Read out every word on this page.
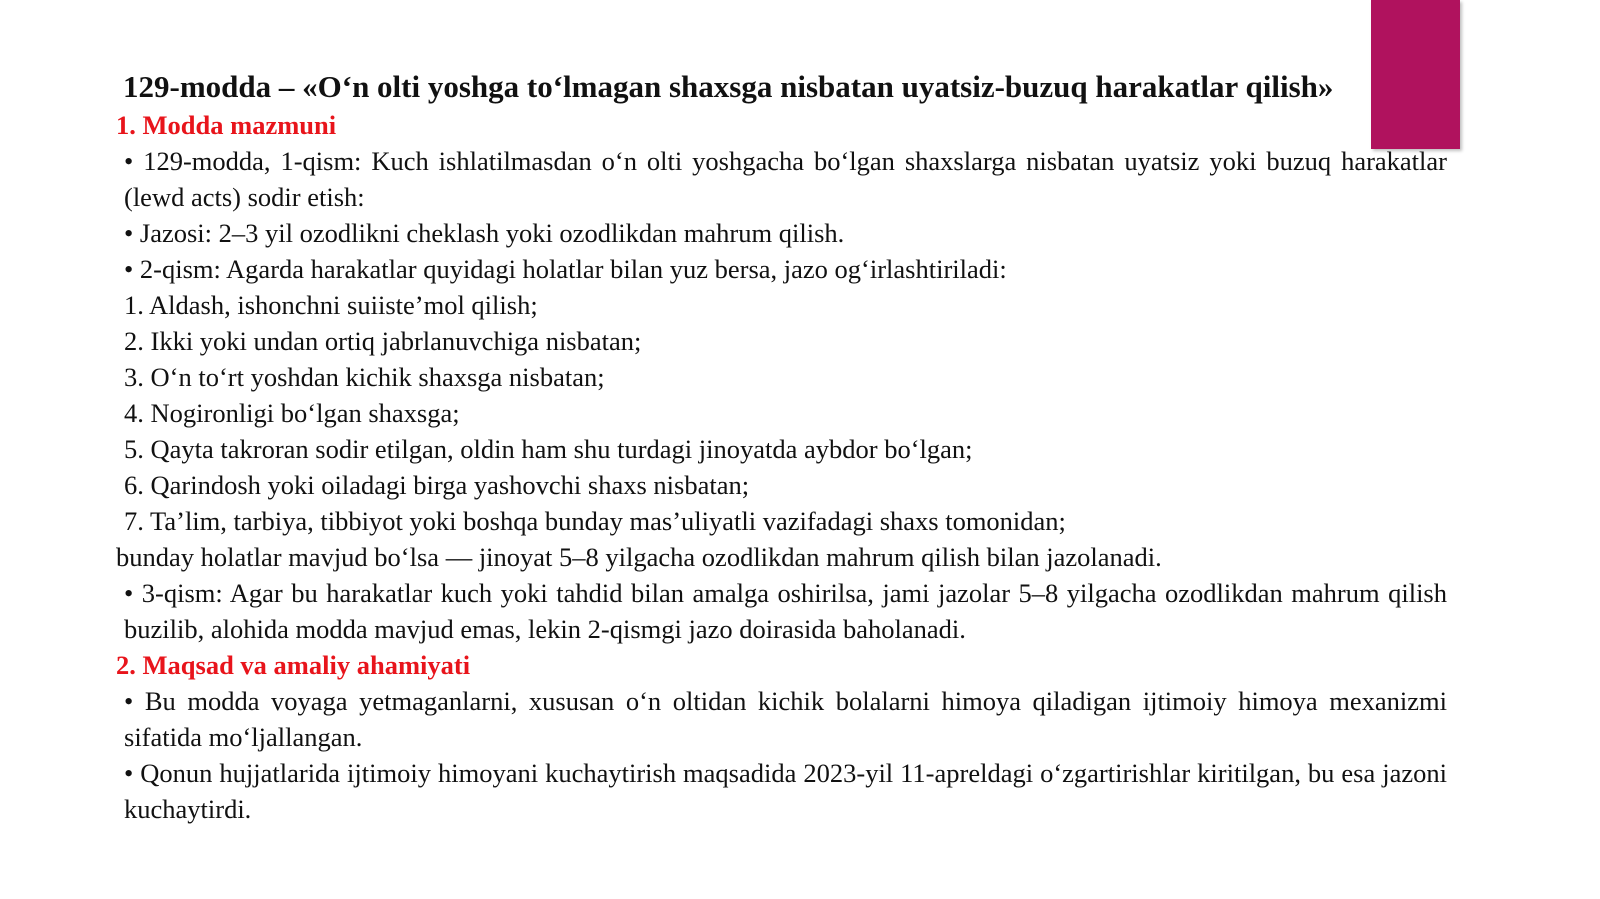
129-modda – «O‘n olti yoshga to‘lmagan shaxsga nisbatan uyatsiz-buzuq harakatlar qilish»

1. Modda mazmuni

• 129-modda, 1-qism: Kuch ishlatilmasdan o‘n olti yoshgacha bo‘lgan shaxslarga nisbatan uyatsiz yoki buzuq harakatlar (lewd acts) sodir etish:

• Jazosi: 2–3 yil ozodlikni cheklash yoki ozodlikdan mahrum qilish.

• 2-qism: Agarda harakatlar quyidagi holatlar bilan yuz bersa, jazo og‘irlashtiriladi:

1. Aldash, ishonchni suiiste’mol qilish;

2. Ikki yoki undan ortiq jabrlanuvchiga nisbatan;

3. O‘n to‘rt yoshdan kichik shaxsga nisbatan;

4. Nogironligi bo‘lgan shaxsga;

5. Qayta takroran sodir etilgan, oldin ham shu turdagi jinoyatda aybdor bo‘lgan;

6. Qarindosh yoki oiladagi birga yashovchi shaxs nisbatan;

7. Ta’lim, tarbiya, tibbiyot yoki boshqa bunday mas’uliyatli vazifadagi shaxs tomonidan;

bunday holatlar mavjud bo‘lsa — jinoyat 5–8 yilgacha ozodlikdan mahrum qilish bilan jazolanadi.

• 3-qism: Agar bu harakatlar kuch yoki tahdid bilan amalga oshirilsa, jami jazolar 5–8 yilgacha ozodlikdan mahrum qilish buzilib, alohida modda mavjud emas, lekin 2-qismgi jazo doirasida baholanadi.

2. Maqsad va amaliy ahamiyati

• Bu modda voyaga yetmaganlarni, xususan o‘n oltidan kichik bolalarni himoya qiladigan ijtimoiy himoya mexanizmi sifatida mo‘ljallangan.

• Qonun hujjatlarida ijtimoiy himoyani kuchaytirish maqsadida 2023-yil 11-apreldagi o‘zgartirishlar kiritilgan, bu esa jazoni kuchaytirdi.
